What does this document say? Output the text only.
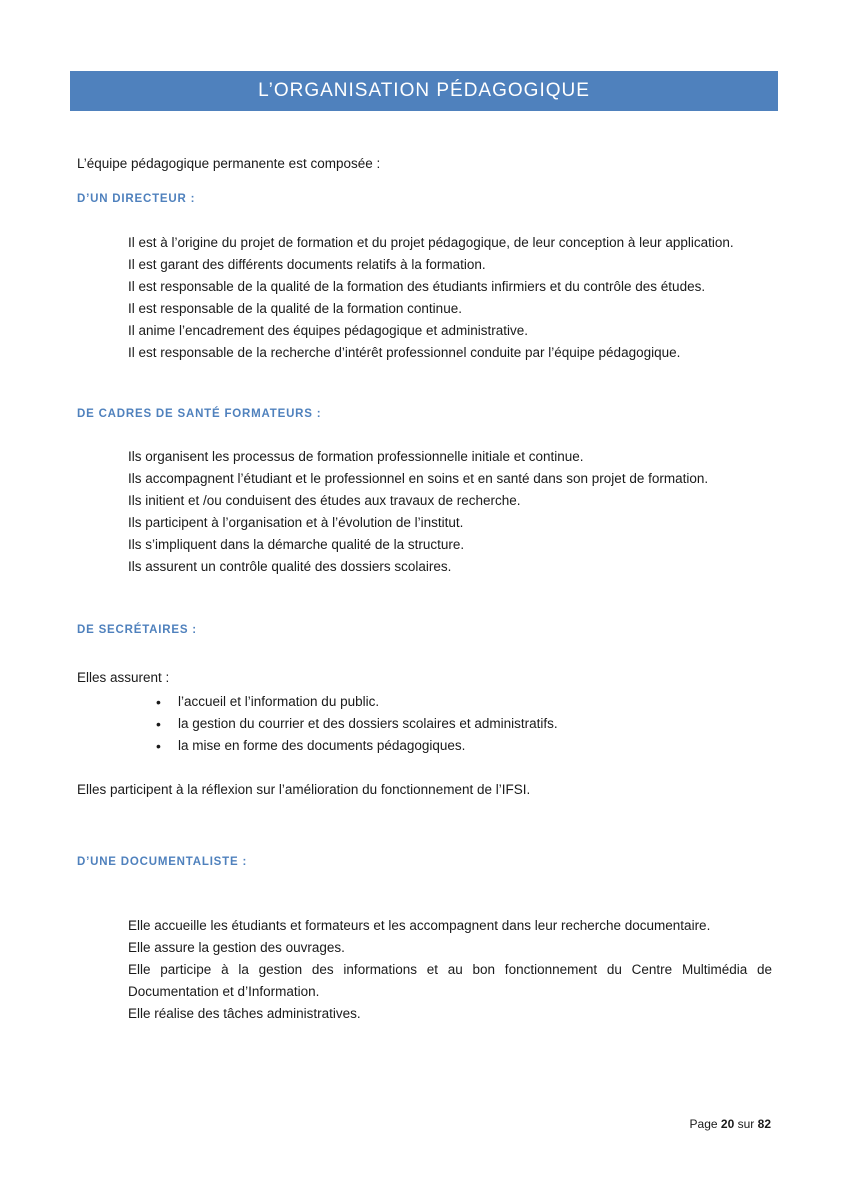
L’ORGANISATION PÉDAGOGIQUE
L’équipe pédagogique permanente est composée :
D’UN DIRECTEUR :
Il est à l’origine du projet de formation et du projet pédagogique, de leur conception à leur application.
Il est garant des différents documents relatifs à la formation.
Il est responsable de la qualité de la formation des étudiants infirmiers et du contrôle des études.
Il est responsable de la qualité de la formation continue.
Il anime l’encadrement des équipes pédagogique et administrative.
Il est responsable de la recherche d’intérêt professionnel conduite par l’équipe pédagogique.
DE CADRES DE SANTÉ FORMATEURS :
Ils organisent les processus de formation professionnelle initiale et continue.
Ils accompagnent l’étudiant et le professionnel en soins et en santé dans son projet de formation.
Ils initient et /ou conduisent des études aux travaux de recherche.
Ils participent à l’organisation et à l’évolution de l’institut.
Ils s’impliquent dans la démarche qualité de la structure.
Ils assurent un contrôle qualité des dossiers scolaires.
DE SECRÉTAIRES :
Elles assurent :
• l’accueil et l’information du public.
• la gestion du courrier et des dossiers scolaires et administratifs.
• la mise en forme des documents pédagogiques.
Elles participent à la réflexion sur l’amélioration du fonctionnement de l’IFSI.
D’UNE DOCUMENTALISTE :
Elle accueille les étudiants et formateurs et les accompagnent dans leur recherche documentaire.
Elle assure la gestion des ouvrages.
Elle participe à la gestion des informations et au bon fonctionnement du Centre Multimédia de Documentation et d’Information.
Elle réalise des tâches administratives.
Page 20 sur 82
